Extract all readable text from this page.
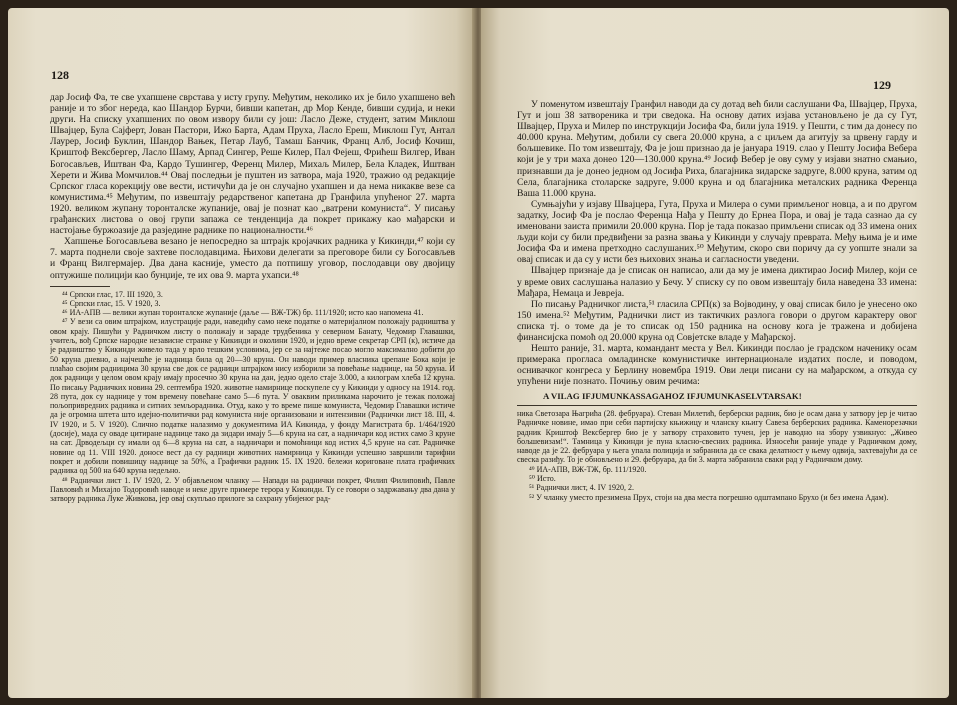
128

дар Јосиф Фа, те све ухапшене сврстава у исту групу. Међутим, неколико их је било ухапшено већ раније и то због нереда, као Шандор Бурчи, бивши капетан, др Мор Кенде, бивши судија, и неки други. На списку ухапшених по овом извору били су још: Ласло Деже, студент, затим Миклош Швајцер, Була Сајферт, Јован Пастори, Ижо Барта, Адам Пруха, Ласло Ереш, Миклош Гут, Антал Лаурер, Јосиф Буклин, Шандор Вањек, Петар Лауб, Тамаш Банчик, Франц Алб, Јосиф Кочиш, Криштоф Вексбергер, Ласло Шаму, Арпад Сингер, Реше Килер, Пал Фејеш, Фрићеш Вилгер, Иван Богосављев, Иштван Фа, Кардо Тушингер, Ференц Милер, Михаљ Милер, Бела Кладек, Иштван Херети и Жива Момчилов.⁴⁴ Овај последњи је пуштен из затвора, маја 1920, тражио од редакције Српског гласа корекцију ове вести, истичући да је он случајно ухапшен и да нема никакве везе са комунистима.⁴⁵ Међутим, по извештају редарственог капетана др Гранфила упућеног 27. марта 1920. великом жупану торонталске жупаније, овај је познат као „ватрени комуниста“. У писању грађанских листова о овој групи запажа се тенденција да покрет прикажу као мађарски и настојање буржоазије да разједине раднике по националности.⁴⁶

Хапшење Богосављева везано је непосредно за штрајк кројачких радника у Кикинди,⁴⁷ који су 7. марта поднели своје захтеве послодавцима. Њихови делегати за преговоре били су Богосављев и Франц Вилгермајер. Два дана касније, уместо да потпишу уговор, послодавци ову двојицу оптужише полицији као бунџије, те их ова 9. марта ухапси.⁴⁸

⁴⁴ Српски глас, 17. III 1920, 3.

⁴⁵ Српски глас, 15. V 1920, 3.

⁴⁶ ИА-АПВ — велики жупан торонталске жупаније (даље — ВЖ-ТЖ) бр. 111/1920; исто као напомена 41.

⁴⁷ У вези са овим штрајком, илустрације ради, наведићу само неке податке о материјалном положају радништва у овом крају. Пишући у Радничком листу о положају и зараде трудбеника у северном Банату, Чедомир Главашки, учитељ, вођ Српске народне независне странке у Кикинди и околини 1920, и једно време секретар СРП (к), истиче да је радништво у Кикинди живело тада у врло тешким условима, јер се за најтеже посао могло максимално добити до 50 круна дневно, а најчешће је надница била од 20—30 круна. Он наводи пример власника црепане Бока који је плаћао својим радницима 30 круна све док се радници штрајком нису изборили за повећање наднице, на 50 круна. И док радници у целом овом крају имају просечно 30 круна на дан, једно одело стаје 3.000, а килограм хлеба 12 круна. По писању Радничких новина 29. септембра 1920. животне намирнице поскупеле су у Кикинди у односу на 1914. год. 28 пута, док су наднице у том времену повећане само 5—6 пута. У оваквим приликама нарочито је тежак положај пољопривредних радника и ситних земљорадника. Отуд, како у то време пише комуниста, Чедомир Главашки истиче да је огромна штета што идејно-политички рад комуниста није организовани и интензивни (Раднички лист 18. III, 4. IV 1920, и 5. V 1920). Слично податке налазимо у документима ИА Кикинда, у фонду Магистрата бр. 1/464/1920 (досије), мада су оваде цитиране наднице тако да зидари имају 5—6 круна на сат, а надничари код истих само 3 круне на сат. Дрводељци су имали од 6—8 круна на сат, а надничари и помоћници код истих 4,5 круне на сат. Радничке новине од 11. VIII 1920. доносе вест да су радници животних намирница у Кикинди успешно завршили тарифни покрет и добили повишицу наднице за 50%, а Графички радник 15. IX 1920. бележи кориговане плата графичких радника од 500 на 640 круна недељно.

⁴⁸ Раднички лист 1. IV 1920, 2. У објављеном чланку — Напади на раднички покрет, Филип Филиповић, Павле Павловић и Михајло Тодоровић наводе и неке друге примере терора у Кикинди. Ту се говори о задржавању два дана у затвору радника Луке Живкова, јер овај скупљао прилоге за сахрану убијеног рад-

129

У поменутом извештају Гранфил наводи да су дотад већ били саслушани Фа, Швајцер, Пруха, Гут и још 38 затвореника и три сведока. На основу датих изјава установљено је да су Гут, Швајцер, Пруха и Милер по инструкцији Јосифа Фа, били јула 1919. у Пешти, с тим да донесу по 40.000 круна. Међутим, добили су свега 20.000 круна, а с циљем да агитују за црвену гарду и бољшевике. По том извештају, Фа је још признао да је јануара 1919. слао у Пешту Јосифа Вебера који је у три маха донео 120—130.000 круна.⁴⁹ Јосиф Вебер је ову суму у изјави знатно смањио, признавши да је донео једном од Јосифа Риха, благајника зидарске задруге, 8.000 круна, затим од Села, благајника столарске задруге, 9.000 круна и од благајника металских радника Ференца Ваша 11.000 круна.

Сумњајући у изјаву Швајцера, Гута, Пруха и Милера о суми примљеног новца, а и по другом задатку, Јосиф Фа је послао Ференца Нађа у Пешту до Ернеа Пора, и овај је тада сазнао да су именовани заиста примили 20.000 круна. Пор је тада показао примљени списак од 33 имена оних људи који су били предвиђени за разна звања у Кикинди у случају преврата. Међу њима је и име Јосифа Фа и имена претходно саслушаних.⁵⁰ Међутим, скоро сви поричу да су уопште знали за овај списак и да су у исти без њихових знања и сагласности уведени.

Швајцер признаје да је списак он написао, али да му је имена диктирао Јосиф Милер, који се у време ових саслушања налазио у Бечу. У списку су по овом извештају била наведена 33 имена: Мађара, Немаца и Јевреја.

По писању Радничког листа,⁵¹ гласила СРП(к) за Војводину, у овај списак било је унесено око 150 имена.⁵² Међутим, Раднички лист из тактичких разлога говори о другом карактеру овог списка тј. о томе да је то списак од 150 радника на основу кога је тражена и добијена финансијска помоћ од 20.000 круна од Совјетске владе у Мађарској.

Нешто раније, 31. марта, командант места у Вел. Кикинди послао је градском наченику осам примерака прогласа омладинске комунистичке интернационале издатих после, и поводом, оснивачког конгреса у Берлину новембра 1919. Ови леци писани су на мађарском, а откуда су упућени није познато. Почињу овим речима:

A VILAG IFJUMUNKASSAGAHOZ IFJUMUNKASELVTARSAK!

ника Светозара Њагрића (28. фебруара). Стеван Милетић, берберски радник, био је осам дана у затвору јер је читао Радничке новине, имао при себи партијску књижицу и чланску књигу Савеза берберских радника. Каменорезачки радник Криштоф Вексбергер био је у затвору страховито тучен, јер је наводно на збору узвикнуо: „Живео бољшевизам!“. Тамница у Кикинди је пуна класно-свесних радника. Износећи раније упаде у Радничком дому, наводе да је 22. фебруара у њега упала полиција и забранила да се свака делатност у њему одвија, захтевајући да се свеска разиђу. То је обновљено и 29. фебруара, да би 3. марта забранила сваки рад у Радничком дому.

⁴⁹ ИА-АПВ, ВЖ-ТЖ, бр. 111/1920.

⁵⁰ Исто.

⁵¹ Раднички лист, 4. IV 1920, 2.

⁵² У чланку уместо презимена Прух, стоји на два места погрешно одштампано Брухо (и без имена Адам).
